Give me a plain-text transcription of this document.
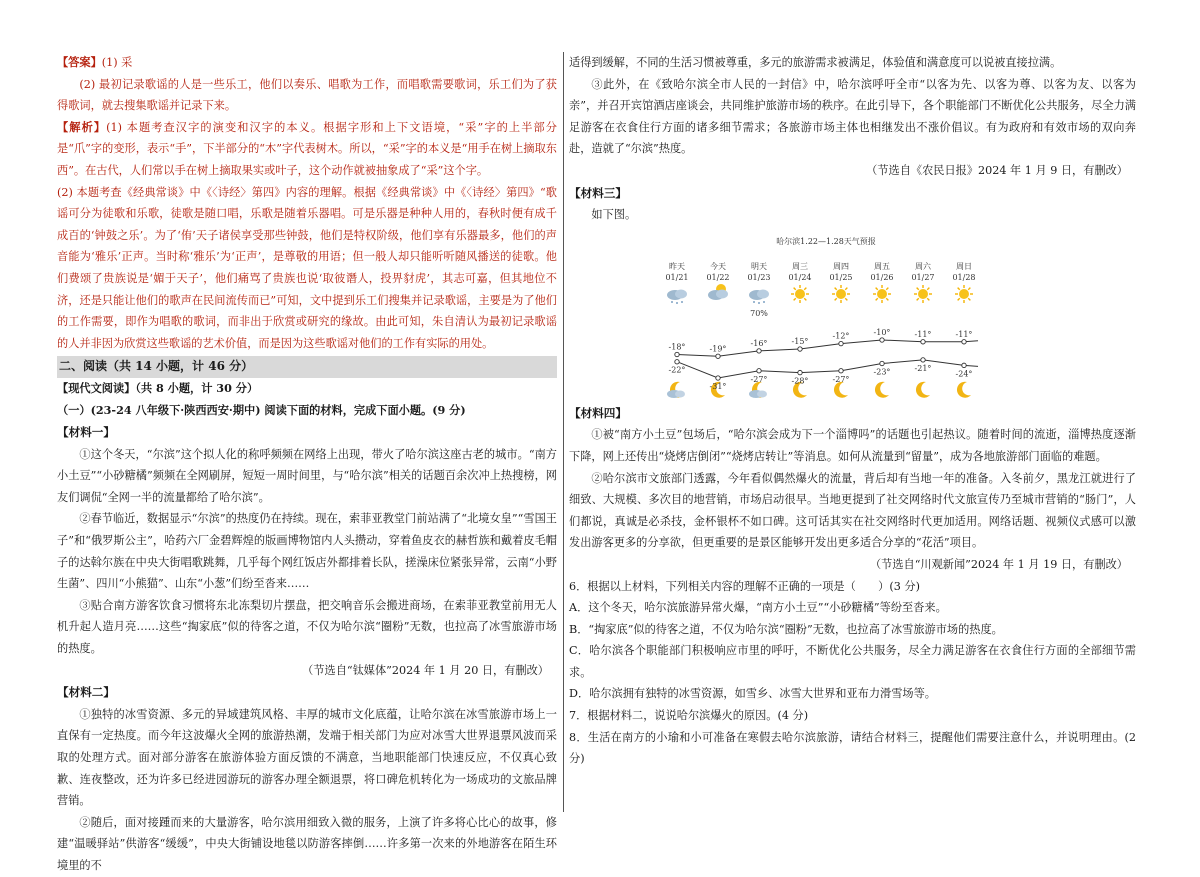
【答案】(1) 采

(2) 最初记录歌谣的人是一些乐工，他们以奏乐、唱歌为工作，而唱歌需要歌词，乐工们为了获得歌词，就去搜集歌谣并记录下来。

【解析】(1) 本题考查汉字的演变和汉字的本义。根据字形和上下文语境，“采”字的上半部分是“爪”字的变形，表示“手”，下半部分的“木”字代表树木。所以，“采”字的本义是“用手在树上摘取东西”。在古代，人们常以手在树上摘取果实或叶子，这个动作就被抽象成了“采”这个字。

(2) 本题考查《经典常谈》中《〈诗经〉第四》内容的理解。根据《经典常谈》中《〈诗经〉第四》“歌谣可分为徒歌和乐歌，徒歌是随口唱，乐歌是随着乐器唱。可是乐器是种种人用的，春秋时便有成千成百的‘钟鼓之乐’。为了‘侑’天子诸侯享受那些钟鼓，他们是特权阶级，他们享有乐器最多，他们的声音能为‘雅乐’正声。当时称‘雅乐’为‘正声’，是尊敬的用语；但一般人却只能听听随风播送的徒歌。他们费颂了贵族说是‘媚于天子’，他们痛骂了贵族也说‘取彼谮人，投畀豺虎’，其志可嘉，但其地位不济，还是只能让他们的歌声在民间流传而已”可知，文中提到乐工们搜集并记录歌谣，主要是为了他们的工作需要，即作为唱歌的歌词，而非出于欣赏或研究的缘故。由此可知，朱自清认为最初记录歌谣的人并非因为欣赏这些歌谣的艺术价值，而是因为这些歌谣对他们的工作有实际的用处。

二、阅读（共 14 小题，计 46 分）

【现代文阅读】（共 8 小题，计 30 分）

（一）(23-24 八年级下·陕西西安·期中) 阅读下面的材料，完成下面小题。(9 分)

【材料一】

①这个冬天，“尔滨”这个拟人化的称呼频频在网络上出现，带火了哈尔滨这座古老的城市。“南方小土豆”“小砂糖橘”频频在全网刷屏，短短一周时间里，与“哈尔滨”相关的话题百余次冲上热搜榜，网友们调侃“全网一半的流量都给了哈尔滨”。

②春节临近，数据显示“尔滨”的热度仍在持续。现在，索菲亚教堂门前站满了“北境女皇”“雪国王子”和“俄罗斯公主”，哈药六厂金碧辉煌的版画博物馆内人头攒动，穿着鱼皮衣的赫哲族和戴着皮毛帽子的达斡尔族在中央大街唱歌跳舞，几乎每个网红饭店外都排着长队，搓澡床位紧张异常，云南“小野生菌”、四川“小熊猫”、山东“小葱”们纷至沓来……

③贴合南方游客饮食习惯将东北冻梨切片摆盘，把交响音乐会搬进商场，在索菲亚教堂前用无人机升起人造月亮……这些“掏家底”似的待客之道，不仅为哈尔滨“圈粉”无数，也拉高了冰雪旅游市场的热度。

（节选自“钛媒体”2024 年 1 月 20 日，有删改）

【材料二】

①独特的冰雪资源、多元的异域建筑风格、丰厚的城市文化底蕴，让哈尔滨在冰雪旅游市场上一直保有一定热度。而今年这波爆火全网的旅游热潮，发端于相关部门为应对冰雪大世界退票风波而采取的处理方式。面对部分游客在旅游体验方面反馈的不满意，当地职能部门快速反应，不仅真心致歉、连夜整改，还为许多已经进园游玩的游客办理全额退票，将口碑危机转化为一场成功的文旅品牌营销。

②随后，面对接踵而来的大量游客，哈尔滨用细致入微的服务，上演了许多将心比心的故事，修建“温暖驿站”供游客“缓缓”，中央大街铺设地毯以防游客摔倒……许多第一次来的外地游客在陌生环境里的不

适得到缓解，不同的生活习惯被尊重，多元的旅游需求被满足，体验值和满意度可以说被直接拉满。

③此外，在《致哈尔滨全市人民的一封信》中，哈尔滨呼吁全市“以客为先、以客为尊、以客为友、以客为亲”，并召开宾馆酒店座谈会，共同维护旅游市场的秩序。在此引导下，各个职能部门不断优化公共服务，尽全力满足游客在衣食住行方面的诸多细节需求；各旅游市场主体也相继发出不涨价倡议。有为政府和有效市场的双向奔赴，造就了“尔滨”热度。

（节选自《农民日报》2024 年 1 月 9 日，有删改）

【材料三】

如下图。

哈尔滨1.22—1.28天气预报
昨天
01/21
今天
01/22
明天
01/23
70%
周三
01/24
周四
01/25
周五
01/26
周六
01/27
周日
01/28
-18°
-22°
-19°
-31°
-16°
-27°
-15°
-28°
-12°
-27°
-10°
-23°
-11°
-21°
-11°
-24°

【材料四】

①被“南方小土豆”包场后，“哈尔滨会成为下一个淄博吗”的话题也引起热议。随着时间的流逝，淄博热度逐渐下降，网上还传出“烧烤店倒闭”“烧烤店转让”等消息。如何从流量到“留量”，成为各地旅游部门面临的难题。

②哈尔滨市文旅部门透露，今年看似偶然爆火的流量，背后却有当地一年的准备。入冬前夕，黑龙江就进行了细致、大规模、多次目的地营销，市场启动很早。当地更提到了社交网络时代文旅宣传乃至城市营销的“肠门”，人们都说，真诚是必杀技，金杯银杯不如口碑。这可话其实在社交网络时代更加适用。网络话题、视频仪式感可以激发出游客更多的分享欲，但更重要的是景区能够开发出更多适合分享的“花活”项目。

（节选自“川观新闻”2024 年 1 月 19 日，有删改）

6．根据以上材料，下列相关内容的理解不正确的一项是（　　）(3 分)

A．这个冬天，哈尔滨旅游异常火爆，“南方小土豆”“小砂糖橘”等纷至沓来。

B．“掏家底”似的待客之道，不仅为哈尔滨“圈粉”无数，也拉高了冰雪旅游市场的热度。

C．哈尔滨各个职能部门积极响应市里的呼吁，不断优化公共服务，尽全力满足游客在衣食住行方面的全部细节需求。

D．哈尔滨拥有独特的冰雪资源，如雪乡、冰雪大世界和亚布力滑雪场等。

7．根据材料二，说说哈尔滨爆火的原因。(4 分)

8．生活在南方的小瑜和小可准备在寒假去哈尔滨旅游，请结合材料三，提醒他们需要注意什么，并说明理由。(2 分)
